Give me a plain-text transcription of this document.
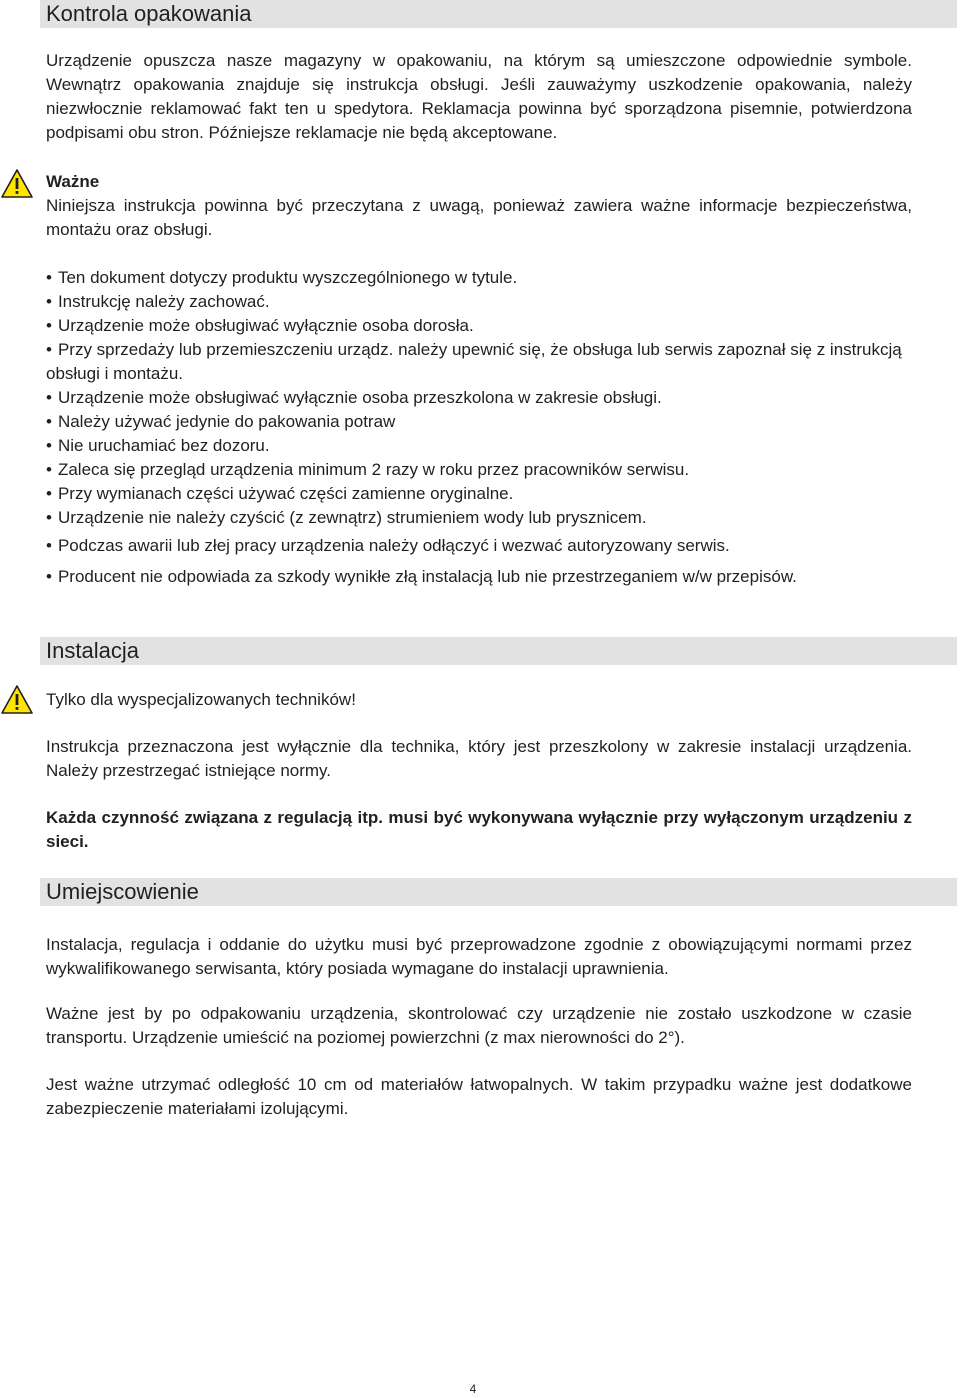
Kontrola opakowania

Urządzenie opuszcza nasze magazyny w opakowaniu, na którym są umieszczone odpowiednie symbole. Wewnątrz opakowania znajduje się instrukcja obsługi. Jeśli zauważymy uszkodzenie opakowania, należy niezwłocznie reklamować fakt ten u spedytora. Reklamacja powinna być sporządzona pisemnie, potwierdzona podpisami obu stron. Późniejsze reklamacje nie będą akceptowane.

Ważne

Niniejsza instrukcja powinna być przeczytana z uwagą, ponieważ zawiera ważne informacje bezpieczeństwa, montażu oraz obsługi.

• Ten dokument dotyczy produktu wyszczególnionego w tytule.
• Instrukcję należy zachować.
• Urządzenie może obsługiwać wyłącznie osoba dorosła.
• Przy sprzedaży lub przemieszczeniu urządz. należy upewnić się, że obsługa lub serwis zapoznał się z instrukcją obsługi i montażu.
• Urządzenie może obsługiwać wyłącznie osoba przeszkolona w zakresie obsługi.
• Należy używać jedynie do pakowania potraw
• Nie uruchamiać bez dozoru.
• Zaleca się przegląd urządzenia minimum 2 razy w roku przez pracowników serwisu.
• Przy wymianach części używać części zamienne oryginalne.
• Urządzenie nie należy czyścić (z zewnątrz) strumieniem wody lub prysznicem.
• Podczas awarii lub złej pracy urządzenia należy odłączyć i wezwać autoryzowany serwis.
• Producent nie odpowiada za szkody wynikłe złą instalacją lub nie przestrzeganiem w/w przepisów.
Instalacja
Tylko dla wyspecjalizowanych techników!

Instrukcja przeznaczona jest wyłącznie dla technika, który jest przeszkolony w zakresie instalacji urządzenia. Należy przestrzegać istniejące normy.

Każda czynność związana z regulacją itp. musi być wykonywana wyłącznie przy wyłączonym urządzeniu z sieci.

Umiejscowienie

Instalacja, regulacja i oddanie do użytku musi być przeprowadzone zgodnie z obowiązującymi normami przez wykwalifikowanego serwisanta, który posiada wymagane do instalacji uprawnienia.

Ważne jest by po odpakowaniu urządzenia, skontrolować czy urządzenie nie zostało uszkodzone w czasie transportu. Urządzenie umieścić na poziomej powierzchni (z max nierowności do 2°).

Jest ważne utrzymać odległość 10 cm od materiałów łatwopalnych. W takim przypadku ważne jest dodatkowe zabezpieczenie materiałami izolującymi.

4
